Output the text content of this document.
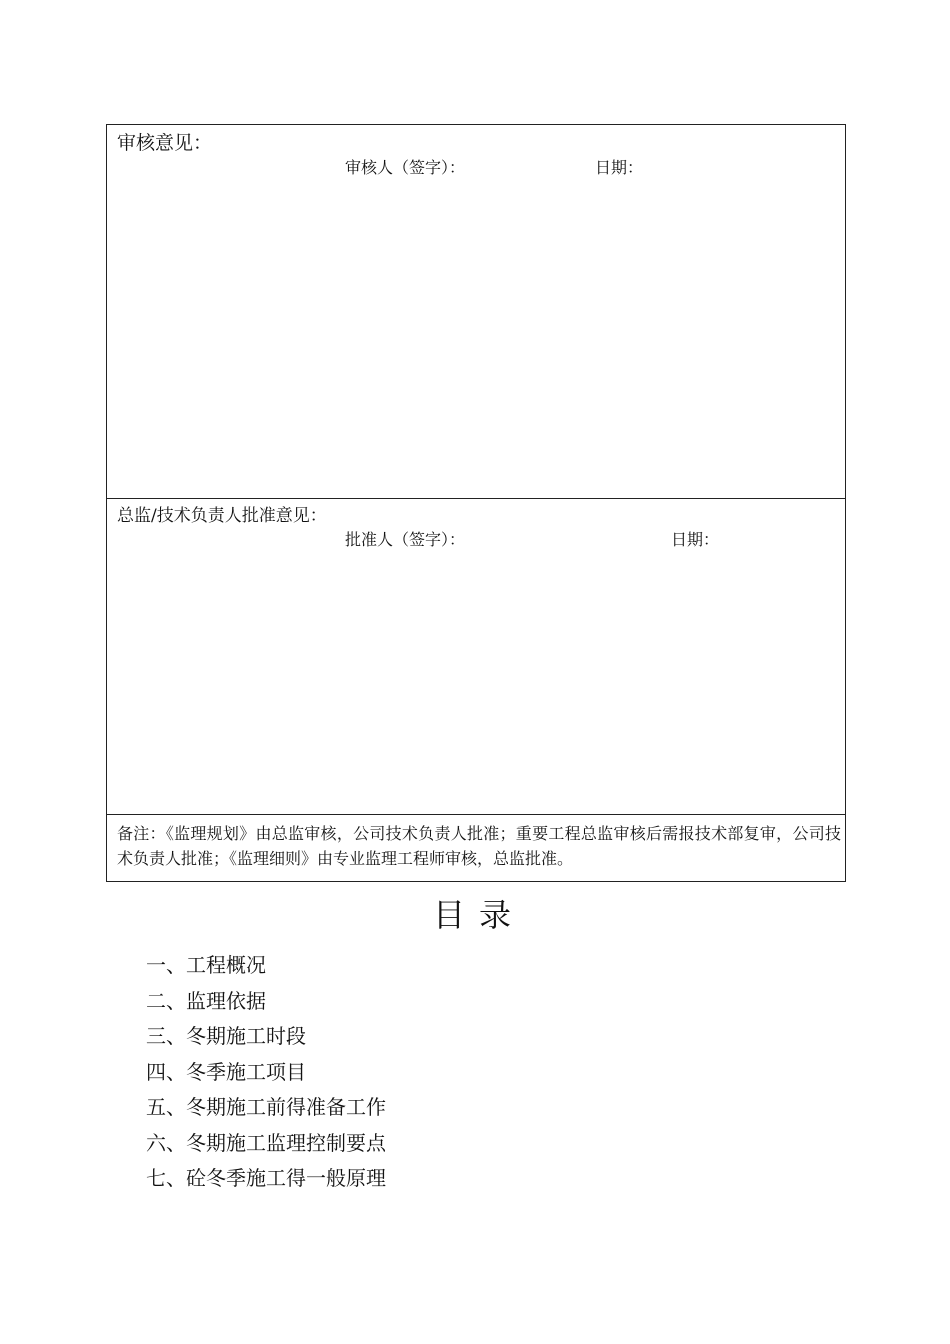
审核意见：
审核人（签字）：	日期：
总监/技术负责人批准意见：
批准人（签字）：	日期：
备注：《监理规划》由总监审核，公司技术负责人批准；重要工程总监审核后需报技术部复审，公司技术负责人批准；《监理细则》由专业监理工程师审核，总监批准。
目录
一、工程概况
二、监理依据
三、冬期施工时段
四、冬季施工项目
五、冬期施工前得准备工作
六、冬期施工监理控制要点
七、砼冬季施工得一般原理
